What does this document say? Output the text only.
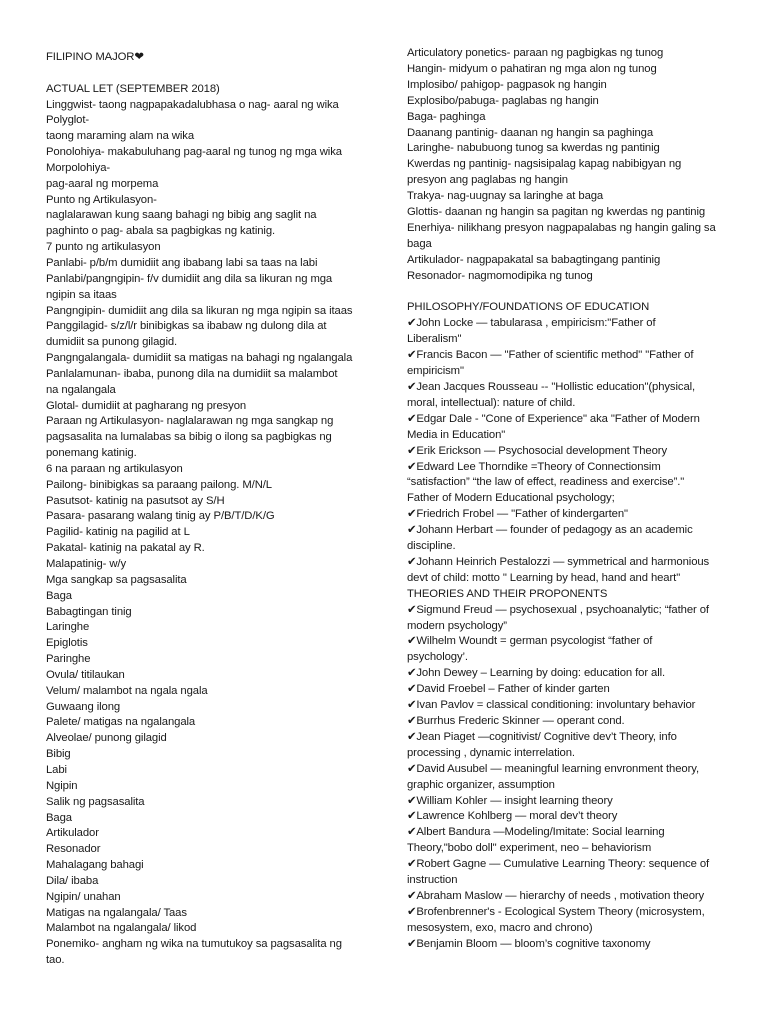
FILIPINO MAJOR❤
ACTUAL LET (SEPTEMBER 2018)
Linggwist- taong nagpapakadalubhasa o nag- aaral ng wika
Polyglot-
taong maraming alam na wika
Ponolohiya- makabuluhang pag-aaral ng tunog ng mga wika
Morpolohiya-
pag-aaral ng morpema
Punto ng Artikulasyon-
naglalarawan kung saang bahagi ng bibig ang saglit na
paghinto o pag- abala sa pagbigkas ng katinig.
7 punto ng artikulasyon
Panlabi- p/b/m dumidiit ang ibabang labi sa taas na labi
Panlabi/pangngipin- f/v dumidiit ang dila sa likuran ng mga
ngipin sa itaas
Pangngipin- dumidiit ang dila sa likuran ng mga ngipin sa itaas
Panggilagid- s/z/l/r binibigkas sa ibabaw ng dulong dila at
dumidiit sa punong gilagid.
Pangngalangala- dumidiit sa matigas na bahagi ng ngalangala
Panlalamunan- ibaba, punong dila na dumidiit sa malambot
na ngalangala
Glotal- dumidiit at pagharang ng presyon
Paraan ng Artikulasyon- naglalarawan ng mga sangkap ng
pagsasalita na lumalabas sa bibig o ilong sa pagbigkas ng
ponemang katinig.
6 na paraan ng artikulasyon
Pailong- binibigkas sa paraang pailong. M/N/L
Pasutsot- katinig na pasutsot ay S/H
Pasara- pasarang walang tinig ay P/B/T/D/K/G
Pagilid- katinig na pagilid at L
Pakatal- katinig na pakatal ay R.
Malapatinig- w/y
Mga sangkap sa pagsasalita
Baga
Babagtingan tinig
Laringhe
Epiglotis
Paringhe
Ovula/ titilaukan
Velum/ malambot na ngala ngala
Guwaang ilong
Palete/ matigas na ngalangala
Alveolae/ punong gilagid
Bibig
Labi
Ngipin
Salik ng pagsasalita
Baga
Artikulador
Resonador
Mahalagang bahagi
Dila/ ibaba
Ngipin/ unahan
Matigas na ngalangala/ Taas
Malambot na ngalangala/ likod
Ponemiko- angham ng wika na tumutukoy sa pagsasalita ng
tao.
Articulatory ponetics- paraan ng pagbigkas ng tunog
Hangin- midyum o pahatiran ng mga alon ng tunog
Implosibo/ pahigop- pagpasok ng hangin
Explosibo/pabuga- paglabas ng hangin
Baga- paghinga
Daanang pantinig- daanan ng hangin sa paghinga
Laringhe- nabubuong tunog sa kwerdas ng pantinig
Kwerdas ng pantinig- nagsisipalag kapag nabibigyan ng
presyon ang paglabas ng hangin
Trakya- nag-uugnay sa laringhe at baga
Glottis- daanan ng hangin sa pagitan ng kwerdas ng pantinig
Enerhiya- nilikhang presyon nagpapalabas ng hangin galing sa
baga
Artikulador- nagpapakatal sa babagtingang pantinig
Resonador- nagmomodipika ng tunog
PHILOSOPHY/FOUNDATIONS OF EDUCATION
✔John Locke — tabularasa , empiricism:"Father of
Liberalism"
✔Francis Bacon — "Father of scientific method" "Father of
empiricism"
✔Jean Jacques Rousseau -- "Hollistic education"(physical,
moral, intellectual): nature of child.
✔Edgar Dale - "Cone of Experience" aka "Father of Modern
Media in Education"
✔Erik Erickson — Psychosocial development Theory
✔Edward Lee Thorndike =Theory of Connectionsim
“satisfaction” “the law of effect, readiness and exercise”."
Father of Modern Educational psychology;
✔Friedrich Frobel — "Father of kindergarten"
✔Johann Herbart — founder of pedagogy as an academic
discipline.
✔Johann Heinrich Pestalozzi — symmetrical and harmonious
devt of child: motto " Learning by head, hand and heart"
THEORIES AND THEIR PROPONENTS
✔Sigmund Freud — psychosexual , psychoanalytic; “father of
modern psychology”
✔Wilhelm Woundt = german psycologist “father of
psychology’.
✔John Dewey – Learning by doing: education for all.
✔David Froebel – Father of kinder garten
✔Ivan Pavlov = classical conditioning: involuntary behavior
✔Burrhus Frederic Skinner — operant cond.
✔Jean Piaget —cognitivist/ Cognitive dev’t Theory, info
processing , dynamic interrelation.
✔David Ausubel — meaningful learning envronment theory,
graphic organizer, assumption
✔William Kohler — insight learning theory
✔Lawrence Kohlberg — moral dev’t theory
✔Albert Bandura —Modeling/Imitate: Social learning
Theory,"bobo doll" experiment, neo – behaviorism
✔Robert Gagne — Cumulative Learning Theory: sequence of
instruction
✔Abraham Maslow — hierarchy of needs , motivation theory
✔Brofenbrenner's - Ecological System Theory (microsystem,
mesosystem, exo, macro and chrono)
✔Benjamin Bloom — bloom’s cognitive taxonomy
